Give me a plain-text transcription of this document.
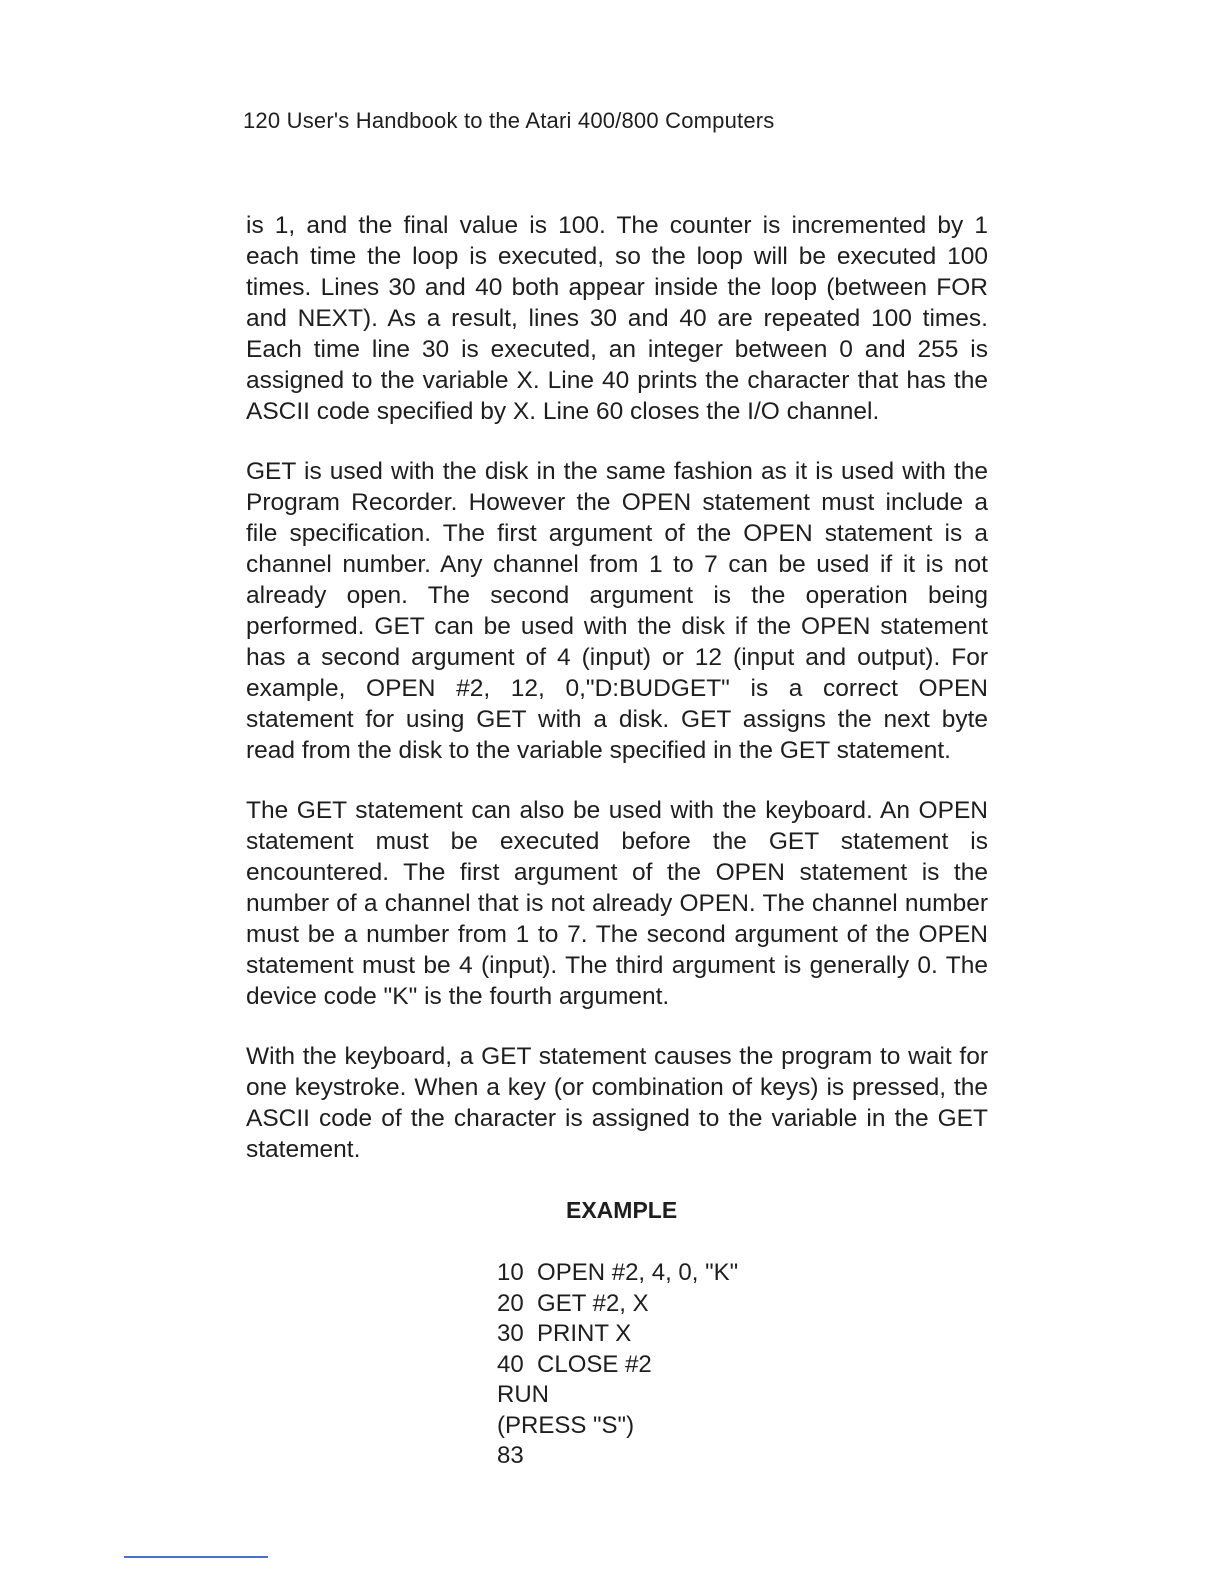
120 User's Handbook to the Atari 400/800 Computers

is 1, and the final value is 100. The counter is incremented by 1 each time the loop is executed, so the loop will be executed 100 times. Lines 30 and 40 both appear inside the loop (between FOR and NEXT). As a result, lines 30 and 40 are repeated 100 times. Each time line 30 is executed, an integer between 0 and 255 is assigned to the variable X. Line 40 prints the character that has the ASCII code specified by X. Line 60 closes the I/O channel.

GET is used with the disk in the same fashion as it is used with the Program Recorder. However the OPEN statement must include a file specification. The first argument of the OPEN statement is a channel number. Any channel from 1 to 7 can be used if it is not already open. The second argument is the operation being performed. GET can be used with the disk if the OPEN statement has a second argument of 4 (input) or 12 (input and output). For example, OPEN #2, 12, 0,"D:BUDGET" is a correct OPEN statement for using GET with a disk. GET assigns the next byte read from the disk to the variable specified in the GET statement.

The GET statement can also be used with the keyboard. An OPEN statement must be executed before the GET statement is encountered. The first argument of the OPEN statement is the number of a channel that is not already OPEN. The channel number must be a number from 1 to 7. The second argument of the OPEN statement must be 4 (input). The third argument is generally 0. The device code "K" is the fourth argument.

With the keyboard, a GET statement causes the program to wait for one keystroke. When a key (or combination of keys) is pressed, the ASCII code of the character is assigned to the variable in the GET statement.

EXAMPLE
10  OPEN #2, 4, 0, "K"
20  GET #2, X
30  PRINT X
40  CLOSE #2
RUN
(PRESS "S")
83
